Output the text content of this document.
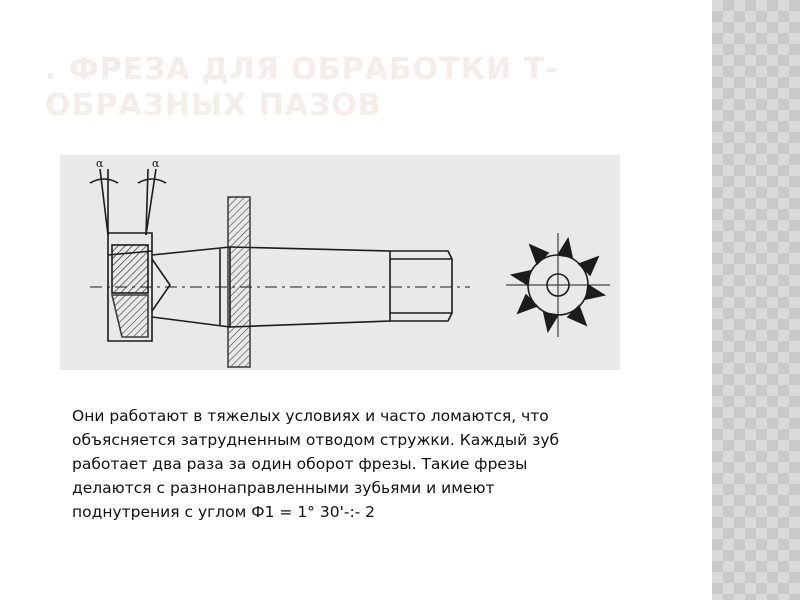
. ФРЕЗА ДЛЯ ОБРАБОТКИ Т-
ОБРАЗНЫХ ПАЗОВ
α	α

Они работают в тяжелых условиях и часто ломаются, что
объясняется затрудненным отводом стружки. Каждый зуб
работает два раза за один оборот фрезы. Такие фрезы
делаются с разнонаправленными зубьями и имеют
поднутрения с углом Ф1 = 1° 30'-:- 2
